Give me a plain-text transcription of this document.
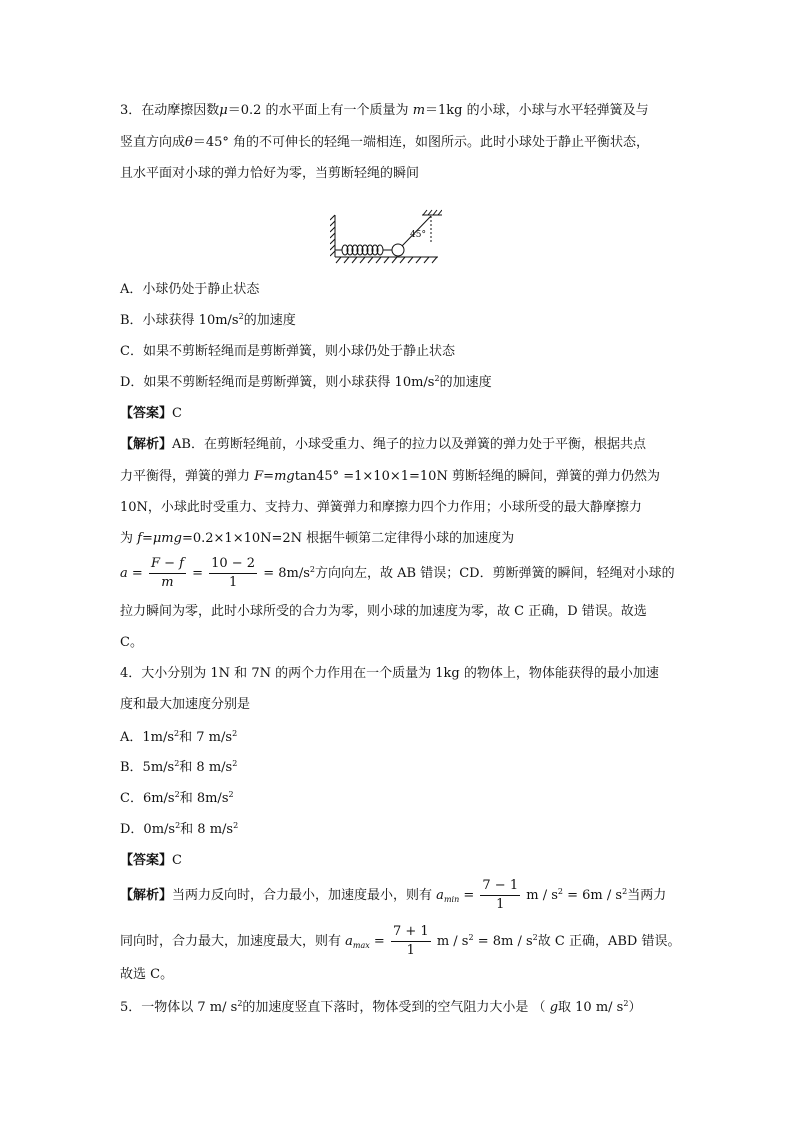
3．在动摩擦因数μ＝0.2 的水平面上有一个质量为 m＝1kg 的小球，小球与水平轻弹簧及与
竖直方向成θ＝45° 角的不可伸长的轻绳一端相连，如图所示。此时小球处于静止平衡状态，
且水平面对小球的弹力恰好为零，当剪断轻绳的瞬间
45°
A．小球仍处于静止状态
B．小球获得 $10m/s^2$的加速度
C．如果不剪断轻绳而是剪断弹簧，则小球仍处于静止状态
D．如果不剪断轻绳而是剪断弹簧，则小球获得 $10m/s^2$的加速度
【答案】C
【解析】AB．在剪断轻绳前，小球受重力、绳子的拉力以及弹簧的弹力处于平衡，根据共点
力平衡得，弹簧的弹力 F=mgtan45° =1×10×1=10N 剪断轻绳的瞬间，弹簧的弹力仍然为
10N，小球此时受重力、支持力、弹簧弹力和摩擦力四个力作用；小球所受的最大静摩擦力
为 f=μmg=0.2×1×10N=2N 根据牛顿第二定律得小球的加速度为
$a = \frac{F - f}{m} = \frac{10 - 2}{1} = 8m/s^2$方向向左，故 AB 错误；CD．剪断弹簧的瞬间，轻绳对小球的
拉力瞬间为零，此时小球所受的合力为零，则小球的加速度为零，故 C 正确，D 错误。故选
C。
4．大小分别为 1N 和 7N 的两个力作用在一个质量为 1kg 的物体上，物体能获得的最小加速
度和最大加速度分别是
A．$1m/s^2$和 7 $m/s^2$
B．$5m/s^2$和 8 $m/s^2$
C．$6m/s^2$和 $8m/s^2$
D．$0m/s^2$和 8 $m/s^2$
【答案】C
【解析】当两力反向时，合力最小，加速度最小，则有 $a_{min} = \frac{7 - 1}{1}$ $m / s^2 = 6m / s^2$当两力
同向时，合力最大，加速度最大，则有 $a_{max} = \frac{7 + 1}{1}$ $m / s^2 = 8m / s^2$故 C 正确，ABD 错误。
故选 C。
5．一物体以 7 m/ $s^2$的加速度竖直下落时，物体受到的空气阻力大小是 （ g取 10 m/ $s^2$）
